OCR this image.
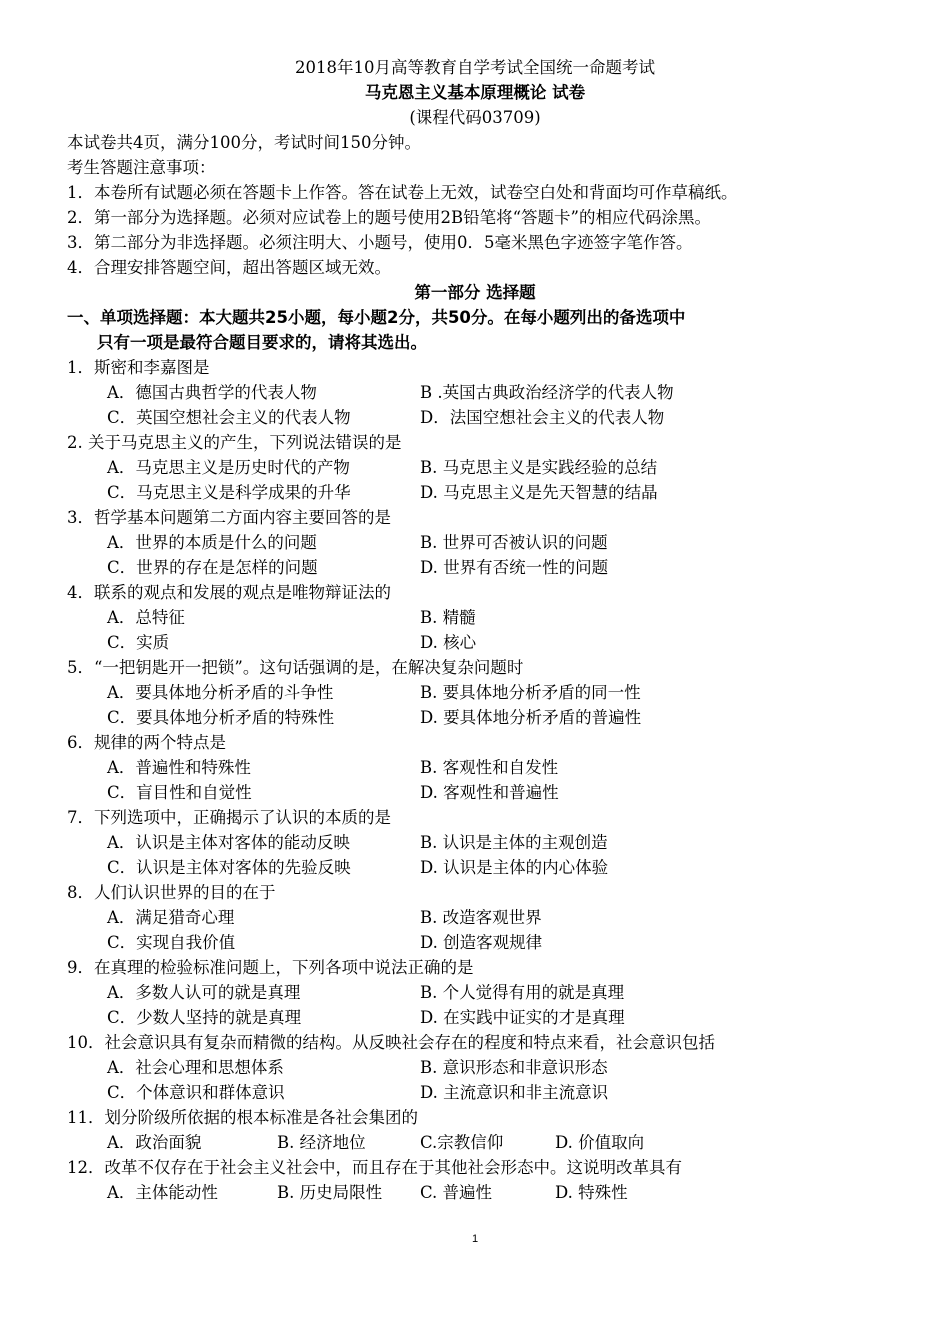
2018年10月高等教育自学考试全国统一命题考试
马克恩主义基本原理概论 试卷
(课程代码03709)
本试卷共4页，满分100分，考试时间150分钟。
考生答题注意事项：
1．本卷所有试题必须在答题卡上作答。答在试卷上无效，试卷空白处和背面均可作草稿纸。
2．第一部分为选择题。必须对应试卷上的题号使用2B铅笔将“答题卡”的相应代码涂黑。
3．第二部分为非选择题。必须注明大、小题号，使用0．5毫米黑色字迹签字笔作答。
4．合理安排答题空间，超出答题区域无效。
第一部分 选择题
一、单项选择题：本大题共25小题，每小题2分，共50分。在每小题列出的备选项中
只有一项是最符合题目要求的，请将其选出。
1．斯密和李嘉图是
A．德国古典哲学的代表人物	B .英国古典政治经济学的代表人物
C．英国空想社会主义的代表人物	D．法国空想社会主义的代表人物
2. 关于马克思主义的产生，下列说法错误的是
A．马克思主义是历史时代的产物	B. 马克思主义是实践经验的总结
C．马克思主义是科学成果的升华	D. 马克思主义是先天智慧的结晶
3．哲学基本问题第二方面内容主要回答的是
A．世界的本质是什么的问题	B. 世界可否被认识的问题
C．世界的存在是怎样的问题	D. 世界有否统一性的问题
4．联系的观点和发展的观点是唯物辩证法的
A．总特征	B. 精髓
C．实质	D. 核心
5．“一把钥匙开一把锁”。这句话强调的是，在解决复杂问题时
A．要具体地分析矛盾的斗争性	B. 要具体地分析矛盾的同一性
C．要具体地分析矛盾的特殊性	D. 要具体地分析矛盾的普遍性
6．规律的两个特点是
A．普遍性和特殊性	B. 客观性和自发性
C．盲目性和自觉性	D. 客观性和普遍性
7．下列选项中，正确揭示了认识的本质的是
A．认识是主体对客体的能动反映	B. 认识是主体的主观创造
C．认识是主体对客体的先验反映	D. 认识是主体的内心体验
8．人们认识世界的目的在于
A．满足猎奇心理	B. 改造客观世界
C．实现自我价值	D. 创造客观规律
9．在真理的检验标准问题上，下列各项中说法正确的是
A．多数人认可的就是真理	B. 个人觉得有用的就是真理
C．少数人坚持的就是真理	D. 在实践中证实的才是真理
10．社会意识具有复杂而精微的结构。从反映社会存在的程度和特点来看，社会意识包括
A．社会心理和思想体系	B. 意识形态和非意识形态
C．个体意识和群体意识	D. 主流意识和非主流意识
11．划分阶级所依据的根本标准是各社会集团的
A．政治面貌	B. 经济地位	C.宗教信仰	D. 价值取向
12．改革不仅存在于社会主义社会中，而且存在于其他社会形态中。这说明改革具有
A．主体能动性	B. 历史局限性 C. 普遍性	D. 特殊性
1
